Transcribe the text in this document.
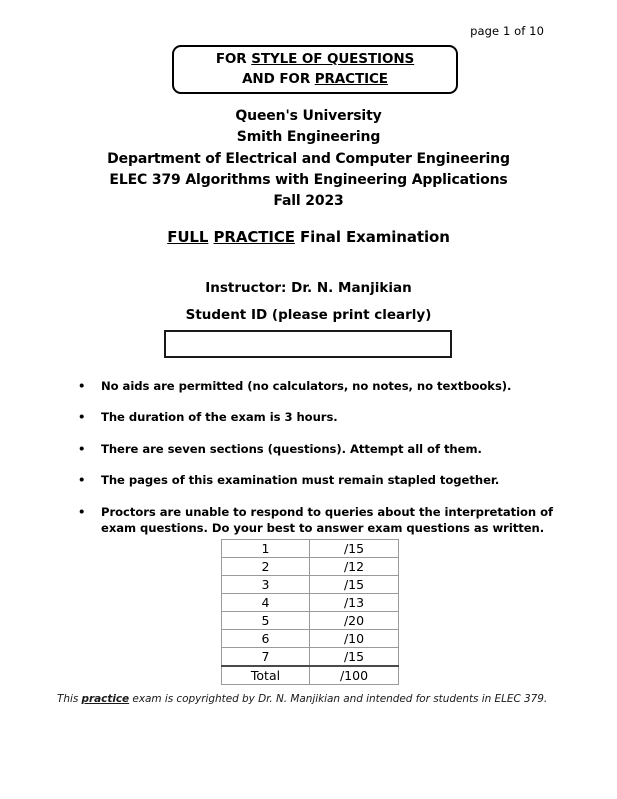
page 1 of 10
FOR STYLE OF QUESTIONS
AND FOR PRACTICE
Queen's University
Smith Engineering
Department of Electrical and Computer Engineering
ELEC 379 Algorithms with Engineering Applications
Fall 2023
FULL PRACTICE Final Examination
Instructor: Dr. N. Manjikian
Student ID (please print clearly)
• No aids are permitted (no calculators, no notes, no textbooks).
• The duration of the exam is 3 hours.
• There are seven sections (questions). Attempt all of them.
• The pages of this examination must remain stapled together.
• Proctors are unable to respond to queries about the interpretation of exam questions. Do your best to answer exam questions as written.
1	/15
2	/12
3	/15
4	/13
5	/20
6	/10
7	/15
Total	/100
This practice exam is copyrighted by Dr. N. Manjikian and intended for students in ELEC 379.
